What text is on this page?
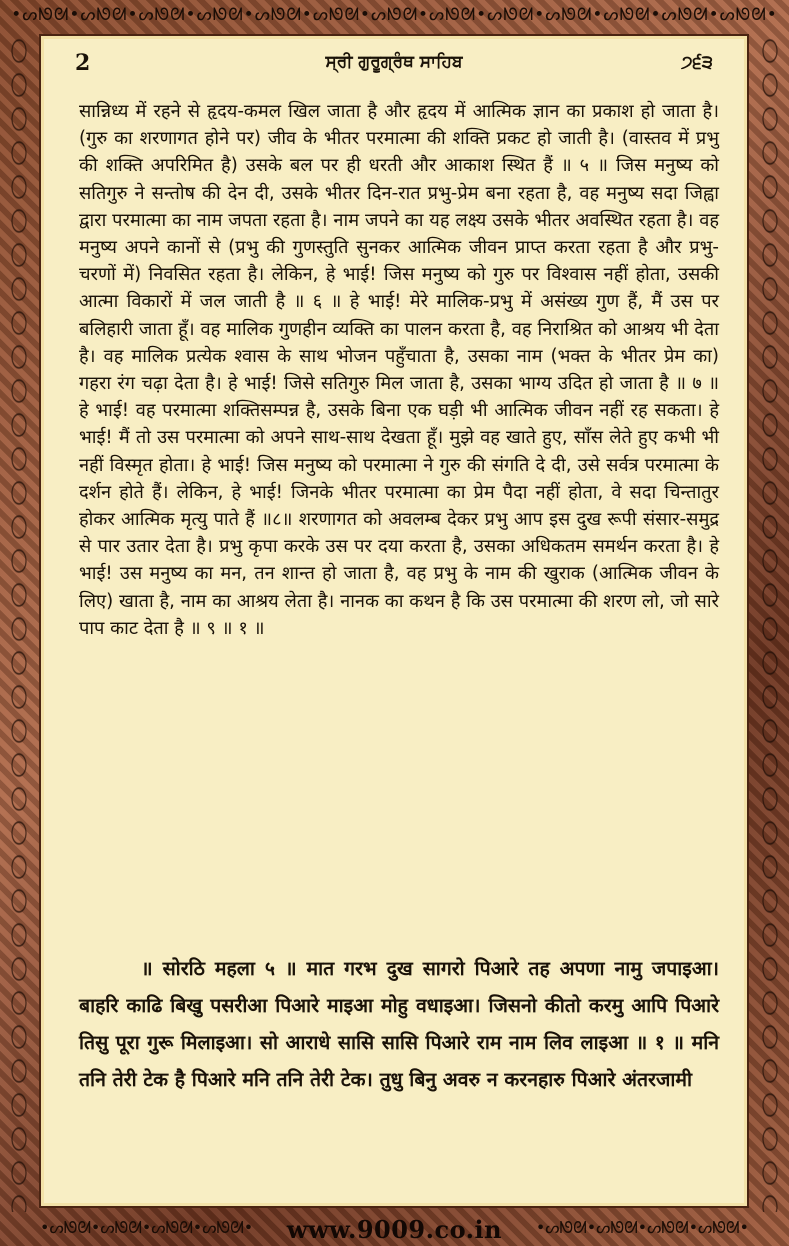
•ᔕᘚᘛ•ᔕᘚᘛ•ᔕᘚᘛ•ᔕᘚᘛ•ᔕᘚᘛ•ᔕᘚᘛ•ᔕᘚᘛ•ᔕᘚᘛ•ᔕᘚᘛ•ᔕᘚᘛ•ᔕᘚᘛ•ᔕᘚᘛ•ᔕᘚᘛ•
2	ਸ੍ਰੀ ਗੁਰੂਗ੍ਰੰਥ ਸਾਹਿਬ	੭੬੩
सान्निध्य में रहने से हृदय-कमल खिल जाता है और हृदय में आत्मिक ज्ञान का प्रकाश हो जाता है। (गुरु का शरणागत होने पर) जीव के भीतर परमात्मा की शक्ति प्रकट हो जाती है। (वास्तव में प्रभु की शक्ति अपरिमित है) उसके बल पर ही धरती और आकाश स्थित हैं ॥ ५ ॥ जिस मनुष्य को सतिगुरु ने सन्तोष की देन दी, उसके भीतर दिन-रात प्रभु-प्रेम बना रहता है, वह मनुष्य सदा जिह्वा द्वारा परमात्मा का नाम जपता रहता है। नाम जपने का यह लक्ष्य उसके भीतर अवस्थित रहता है। वह मनुष्य अपने कानों से (प्रभु की गुणस्तुति सुनकर आत्मिक जीवन प्राप्त करता रहता है और प्रभु-चरणों में) निवसित रहता है। लेकिन, हे भाई! जिस मनुष्य को गुरु पर विश्वास नहीं होता, उसकी आत्मा विकारों में जल जाती है ॥ ६ ॥ हे भाई! मेरे मालिक-प्रभु में असंख्य गुण हैं, मैं उस पर बलिहारी जाता हूँ। वह मालिक गुणहीन व्यक्ति का पालन करता है, वह निराश्रित को आश्रय भी देता है। वह मालिक प्रत्येक श्वास के साथ भोजन पहुँचाता है, उसका नाम (भक्त के भीतर प्रेम का) गहरा रंग चढ़ा देता है। हे भाई! जिसे सतिगुरु मिल जाता है, उसका भाग्य उदित हो जाता है ॥ ७ ॥ हे भाई! वह परमात्मा शक्तिसम्पन्न है, उसके बिना एक घड़ी भी आत्मिक जीवन नहीं रह सकता। हे भाई! मैं तो उस परमात्मा को अपने साथ-साथ देखता हूँ। मुझे वह खाते हुए, साँस लेते हुए कभी भी नहीं विस्मृत होता। हे भाई! जिस मनुष्य को परमात्मा ने गुरु की संगति दे दी, उसे सर्वत्र परमात्मा के दर्शन होते हैं। लेकिन, हे भाई! जिनके भीतर परमात्मा का प्रेम पैदा नहीं होता, वे सदा चिन्तातुर होकर आत्मिक मृत्यु पाते हैं ॥८॥ शरणागत को अवलम्ब देकर प्रभु आप इस दुख रूपी संसार-समुद्र से पार उतार देता है। प्रभु कृपा करके उस पर दया करता है, उसका अधिकतम समर्थन करता है। हे भाई! उस मनुष्य का मन, तन शान्त हो जाता है, वह प्रभु के नाम की खुराक (आत्मिक जीवन के लिए) खाता है, नाम का आश्रय लेता है। नानक का कथन है कि उस परमात्मा की शरण लो, जो सारे पाप काट देता है ॥ ९ ॥ १ ॥
॥ सोरठि महला ५ ॥ मात गरभ दुख सागरो पिआरे तह अपणा नामु जपाइआ। बाहरि काढि बिखु पसरीआ पिआरे माइआ मोहु वधाइआ। जिसनो कीतो करमु आपि पिआरे तिसु पूरा गुरू मिलाइआ। सो आराधे सासि सासि पिआरे राम नाम लिव लाइआ ॥ १ ॥ मनि तनि तेरी टेक है पिआरे मनि तनि तेरी टेक। तुधु बिनु अवरु न करनहारु पिआरे अंतरजामी
•ᔕᘚᘛ•ᔕᘚᘛ•ᔕᘚᘛ•ᔕᘚᘛ•	www.9009.co.in	•ᔕᘚᘛ•ᔕᘚᘛ•ᔕᘚᘛ•ᔕᘚᘛ•
